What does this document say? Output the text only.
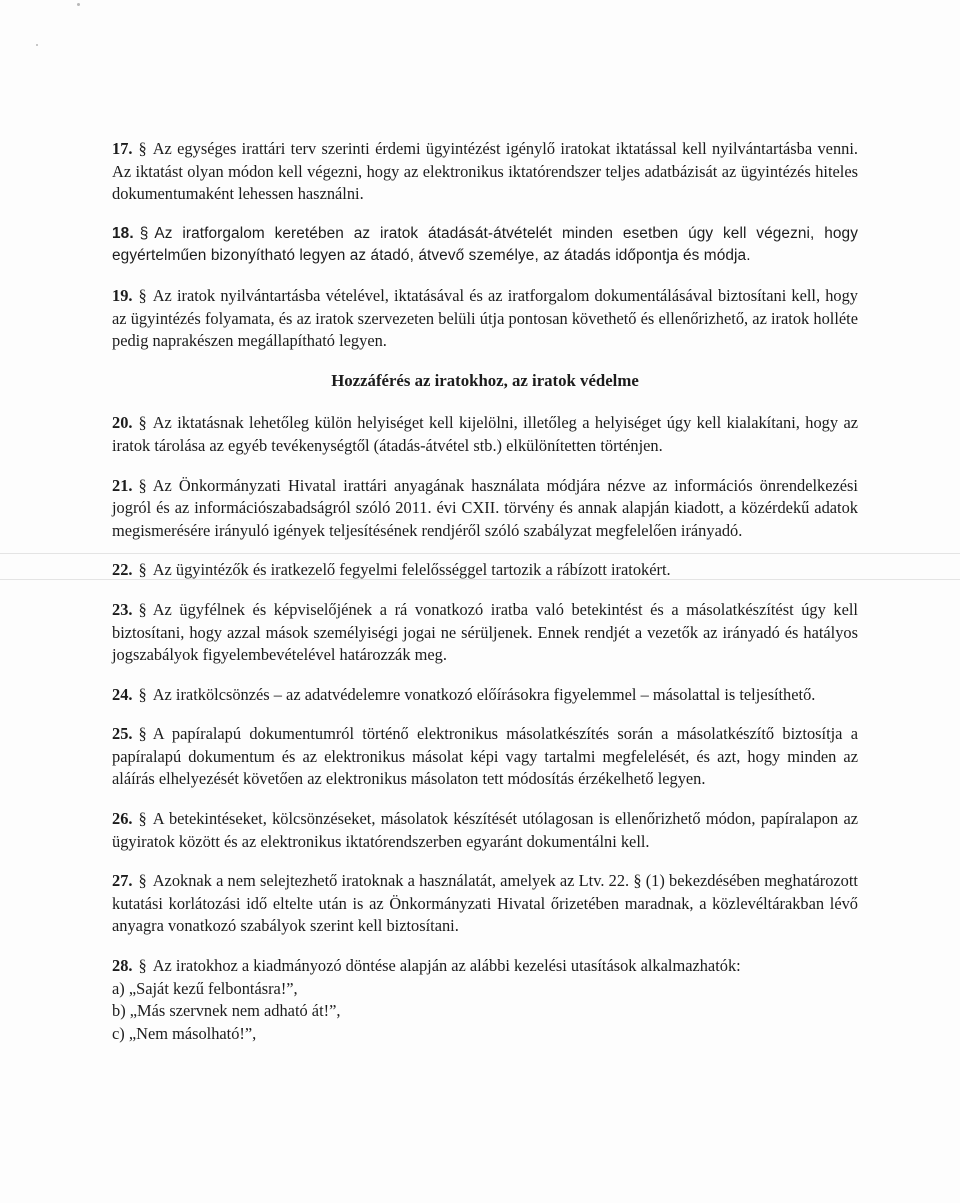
17. § Az egységes irattári terv szerinti érdemi ügyintézést igénylő iratokat iktatással kell nyilvántartásba venni. Az iktatást olyan módon kell végezni, hogy az elektronikus iktatórendszer teljes adatbázisát az ügyintézés hiteles dokumentumaként lehessen használni.

18. § Az iratforgalom keretében az iratok átadását-átvételét minden esetben úgy kell végezni, hogy egyértelműen bizonyítható legyen az átadó, átvevő személye, az átadás időpontja és módja.

19. § Az iratok nyilvántartásba vételével, iktatásával és az iratforgalom dokumentálásával biztosítani kell, hogy az ügyintézés folyamata, és az iratok szervezeten belüli útja pontosan követhető és ellenőrizhető, az iratok holléte pedig naprakészen megállapítható legyen.

Hozzáférés az iratokhoz, az iratok védelme

20. § Az iktatásnak lehetőleg külön helyiséget kell kijelölni, illetőleg a helyiséget úgy kell kialakítani, hogy az iratok tárolása az egyéb tevékenységtől (átadás-átvétel stb.) elkülönítetten történjen.

21. § Az Önkormányzati Hivatal irattári anyagának használata módjára nézve az információs önrendelkezési jogról és az információszabadságról szóló 2011. évi CXII. törvény és annak alapján kiadott, a közérdekű adatok megismerésére irányuló igények teljesítésének rendjéről szóló szabályzat megfelelően irányadó.

22. § Az ügyintézők és iratkezelő fegyelmi felelősséggel tartozik a rábízott iratokért.

23. § Az ügyfélnek és képviselőjének a rá vonatkozó iratba való betekintést és a másolatkészítést úgy kell biztosítani, hogy azzal mások személyiségi jogai ne sérüljenek. Ennek rendjét a vezetők az irányadó és hatályos jogszabályok figyelembevételével határozzák meg.

24. § Az iratkölcsönzés – az adatvédelemre vonatkozó előírásokra figyelemmel – másolattal is teljesíthető.

25. § A papíralapú dokumentumról történő elektronikus másolatkészítés során a másolatkészítő biztosítja a papíralapú dokumentum és az elektronikus másolat képi vagy tartalmi megfelelését, és azt, hogy minden az aláírás elhelyezését követően az elektronikus másolaton tett módosítás érzékelhető legyen.

26. § A betekintéseket, kölcsönzéseket, másolatok készítését utólagosan is ellenőrizhető módon, papíralapon az ügyiratok között és az elektronikus iktatórendszerben egyaránt dokumentálni kell.

27. § Azoknak a nem selejtezhető iratoknak a használatát, amelyek az Ltv. 22. § (1) bekezdésében meghatározott kutatási korlátozási idő eltelte után is az Önkormányzati Hivatal őrizetében maradnak, a közlevéltárakban lévő anyagra vonatkozó szabályok szerint kell biztosítani.

28. § Az iratokhoz a kiadmányozó döntése alapján az alábbi kezelési utasítások alkalmazhatók:
a) „Saját kezű felbontásra!”,
b) „Más szervnek nem adható át!”,
c) „Nem másolható!”,
